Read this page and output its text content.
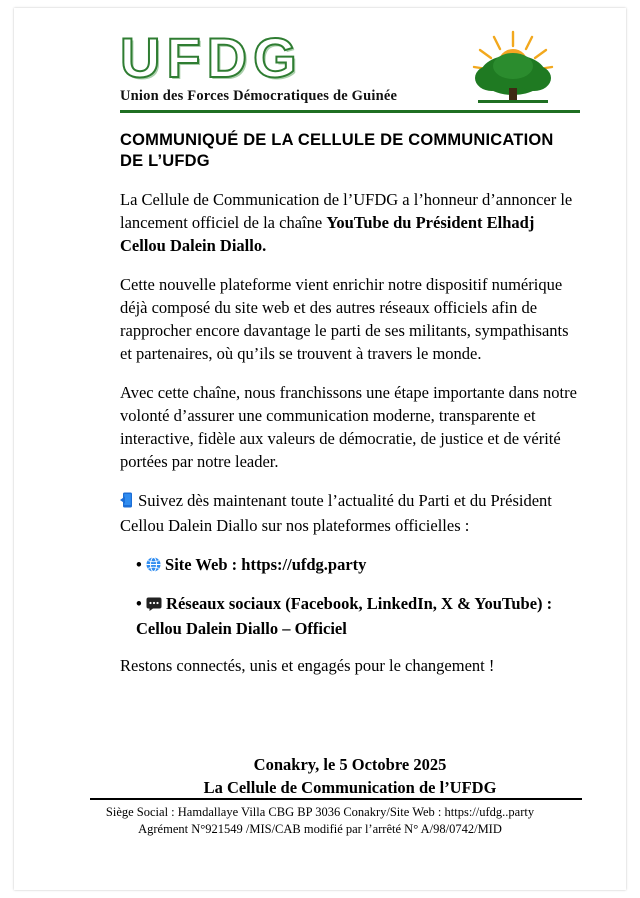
UFDG
Union des Forces Démocratiques de Guinée
COMMUNIQUÉ DE LA CELLULE DE COMMUNICATION DE L’UFDG

La Cellule de Communication de l’UFDG a l’honneur d’annoncer le lancement officiel de la chaîne YouTube du Président Elhadj Cellou Dalein Diallo.

Cette nouvelle plateforme vient enrichir notre dispositif numérique déjà composé du site web et des autres réseaux officiels afin de rapprocher encore davantage le parti de ses militants, sympathisants et partenaires, où qu’ils se trouvent à travers le monde.

Avec cette chaîne, nous franchissons une étape importante dans notre volonté d’assurer une communication moderne, transparente et interactive, fidèle aux valeurs de démocratie, de justice et de vérité portées par notre leader.

Suivez dès maintenant toute l’actualité du Parti et du Président Cellou Dalein Diallo sur nos plateformes officielles :

• Site Web : https://ufdg.party

• Réseaux sociaux (Facebook, LinkedIn, X & YouTube) : Cellou Dalein Diallo – Officiel

Restons connectés, unis et engagés pour le changement !

Conakry, le 5 Octobre 2025
La Cellule de Communication de l’UFDG
Siège Social : Hamdallaye Villa CBG BP 3036 Conakry/Site Web : https://ufdg..party
Agrément N°921549 /MIS/CAB modifié par l’arrêté N° A/98/0742/MID
